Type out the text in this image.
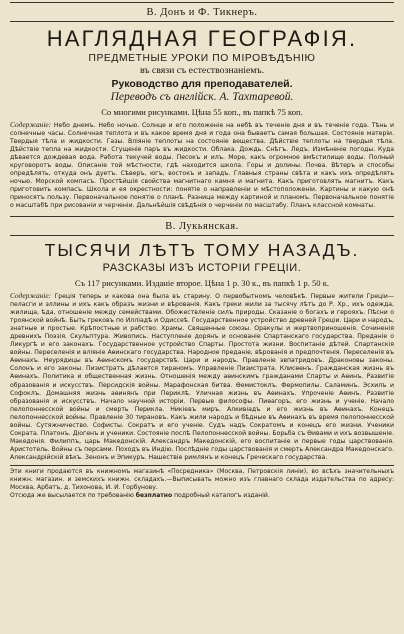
В. Донъ и Ф. Тикнеръ.
НАГЛЯДНАЯ ГЕОГРАФІЯ.
ПРЕДМЕТНЫЕ УРОКИ ПО МІРОВѢДѢНІЮ
въ связи съ естествознаніемъ.
Руководство для преподавателей.
Переводъ съ англійск. А. Тахтаревой.
Со многими рисунками. Цѣна 55 коп., въ папкѣ 75 коп.

Содержаніе: Небо днемъ. Небо ночью. Солнце и его положеніе на небѣ въ теченіе дня и въ теченіе года. Тѣнь и солнечные часы. Солнечная теплота и въ какое время дня и года она бываетъ самая большая. Состояніе матеріи. Твердыя тѣла и жидкости. Газы. Вліяніе теплоты на состояніе вещества. Дѣйствіе теплоты на твердыя тѣла. Дѣйствіе тепла на жидкости. Сгущеніе паръ въ жидкости. Облака. Дождь. Снѣгъ. Ледъ. Измѣненіе погоды. Куда дѣвается дождевая вода. Работа текучей воды. Песокъ и илъ. Море, какъ огромное вмѣстилище воды. Полный круговоротъ воды. Описаніе той мѣстности, гдѣ находится школа. Горы и долины. Почва. Вѣтеръ и способы опредѣлять, откуда онъ дуетъ. Сѣверъ, югъ, востокъ и западъ. Главныя страны свѣта и какъ ихъ опредѣлять ночью. Морской компасъ. Простѣйшія свойства магнитнаго камня и магнита. Какъ приготовлять магнитъ. Какъ приготовить компасъ. Школа и ея окрестности: понятіе о направленіи и мѣстоположеніи. Картины и какую онѣ приносятъ пользу. Первоначальное понятіе о планѣ. Разница между картиной и планомъ. Первоначальное понятіе о масштабѣ при рисованіи и черченіи. Дальнѣйшія свѣдѣнія о черченіи по масштабу. Планъ классной комнаты.

В. Лукьянская.
ТЫСЯЧИ ЛѢТЪ ТОМУ НАЗАДЪ.
РАЗСКАЗЫ ИЗЪ ИСТОРІИ ГРЕЦІИ.
Съ 117 рисунками. Изданіе второе. Цѣна 1 р. 30 к., въ папкѣ 1 р. 50 к.

Содержаніе: Греція теперь и какова она была въ старину. О первобытномъ человѣкѣ. Первые жители Греціи—пеласги и эллины и ихъ какъ образъ жизни и вѣрованія. Какъ греки жили за тысячу лѣтъ до Р. Хр., ихъ одежда, жилища, ѣда, отношеніе между семействами. Обожествленіе силъ природы. Сказаніе о богахъ и герояхъ. Пѣсни о троянской войнѣ. Быть грековъ по Илліадѣ и Одиссеѣ. Государственное устройство древней Греціи. Цари и народъ, знатные и простые. Крѣпостные и рабство. Храмы. Священные союзы. Оракулы и жертвоприношенія. Сочиненія древнихъ Поэзія. Скульптура. Живопись. Наступленіе дорянъ и основаніе Спартанскаго государства. Преданіе о Ликургѣ и его законахъ. Государственное устройство Спарты. Простота жизни. Воспитаніе дѣтей. Спартанскія войны. Переселенія и вліяніе Аѳинскаго государства. Народное преданіе, вѣрованія и предпочтенія. Переселенія въ Аѳинахъ. Неурядицы въ Аѳинскомъ государствѣ. Цари и народъ. Правленіе эвпатридовъ. Драконовы законы. Солонъ и его законы. Пизистратъ дѣлается тираномъ. Управленіе Пизистрата. Клисѳенъ. Гражданская жизнь въ Аѳинахъ. Политика и общественная жизнь. Отношенія между аѳинскимъ гражданами Спарты и Аѳинъ. Развитіе образованія и искусствъ. Персидскія войны. Марафонская битва. Ѳемистоклъ. Фермопилы. Саламинъ. Эсхилъ и Софоклъ. Домашняя жизнь аѳинянъ при Периклѣ. Уличная жизнь въ Аѳинахъ. Упроченіе Аѳинъ. Развитіе образованія и искусствъ. Начало научной исторіи. Первые философы. Пиѳагоръ, его жизнь и ученіе. Начало пелопоннесской войны и смерть Перикла. Никіевъ миръ. Алкивіадъ и его жизнь въ Аѳинахъ. Конецъ пелопоннесской войны. Правленіе 30 тирановъ. Какъ жили народъ и бѣдные въ Аѳинахъ въ время пелопоннесской войны. Сутяжничество. Софисты. Сократъ и его ученіе. Судъ надъ Сократомъ и конецъ его жизни. Ученики Сократа. Платонъ. Діогенъ и ученики. Состояніе послѣ Пелопоннесской войны. Борьба съ Ѳивами и ихъ возвышеніе. Македонія. Филиппъ, царь Македонскій. Александръ Македонскій, его воспитаніе и первые годы царствованія. Аристотель. Войны съ персами. Походъ въ Индію. Послѣдніе годы царствованія и смерть Александра Македонскаго. Александрійскій вѣкъ. Зенонъ и Эпикуръ. Нашествіе римлянъ и конецъ Греческаго государства.

Эти книги продаются въ книжномъ магазинѣ «Посредника» (Москва, Петровскія линіи), во всѣхъ значительныхъ книжн. магазин. и земскихъ книжн. складахъ.—Выписывать можно изъ главнаго склада издательства по адресу: Москва, Арбатъ, д. Тихонова, И. И. Горбунову.

Отсюда же высылается по требованію безплатно подробный каталогъ изданій.
